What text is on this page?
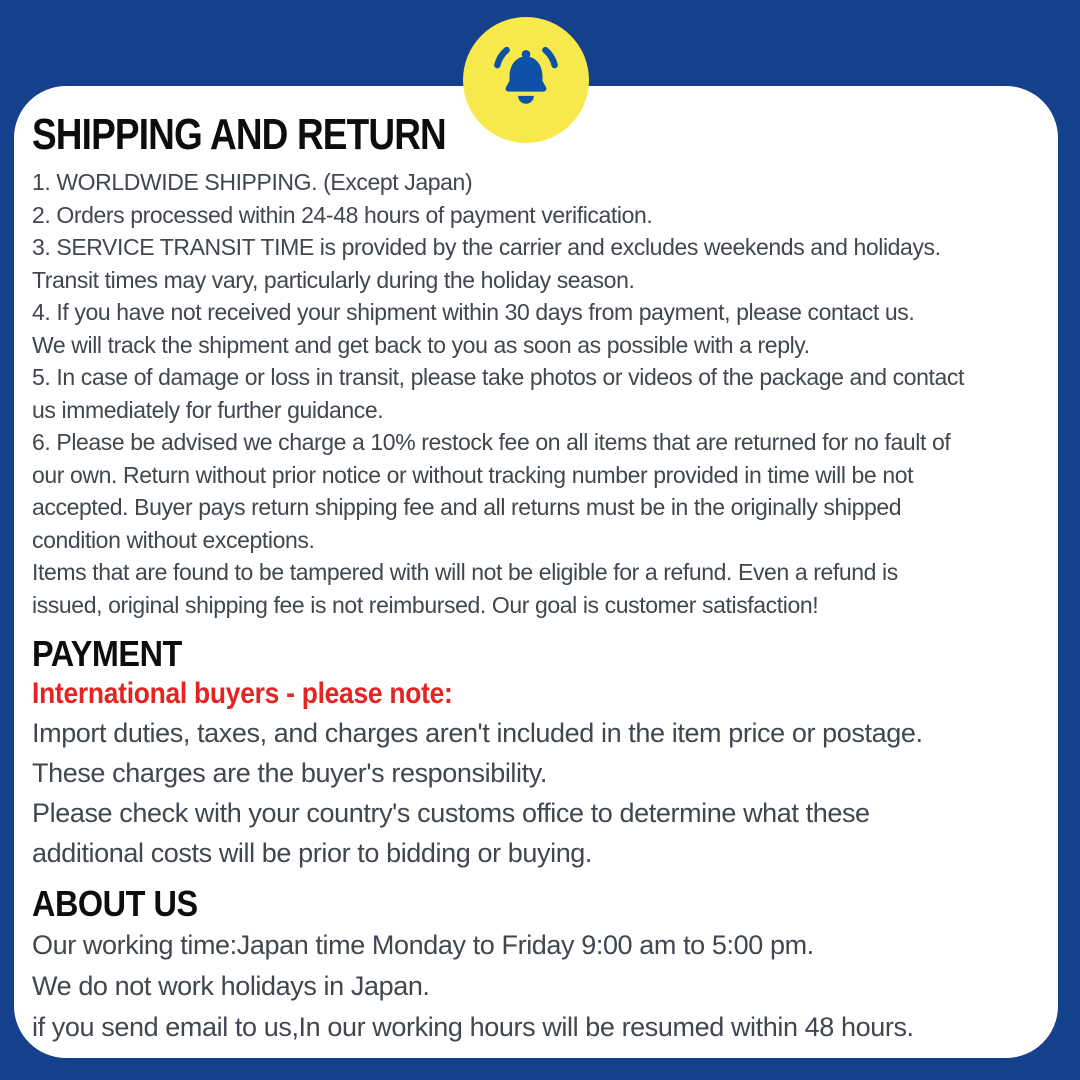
SHIPPING AND RETURN
1. WORLDWIDE SHIPPING. (Except Japan)
2. Orders processed within 24-48 hours of payment verification.
3. SERVICE TRANSIT TIME is provided by the carrier and excludes weekends and holidays.
Transit times may vary, particularly during the holiday season.
4. If you have not received your shipment within 30 days from payment, please contact us.
We will track the shipment and get back to you as soon as possible with a reply.
5. In case of damage or loss in transit, please take photos or videos of the package and contact
us immediately for further guidance.
6. Please be advised we charge a 10% restock fee on all items that are returned for no fault of
our own. Return without prior notice or without tracking number provided in time will be not
accepted. Buyer pays return shipping fee and all returns must be in the originally shipped
condition without exceptions.
Items that are found to be tampered with will not be eligible for a refund. Even a refund is
issued, original shipping fee is not reimbursed. Our goal is customer satisfaction!
PAYMENT
International buyers - please note:
Import duties, taxes, and charges aren't included in the item price or postage.
These charges are the buyer's responsibility.
Please check with your country's customs office to determine what these
additional costs will be prior to bidding or buying.
ABOUT US
Our working time:Japan time Monday to Friday 9:00 am to 5:00 pm.
We do not work holidays in Japan.
if you send email to us,In our working hours will be resumed within 48 hours.
